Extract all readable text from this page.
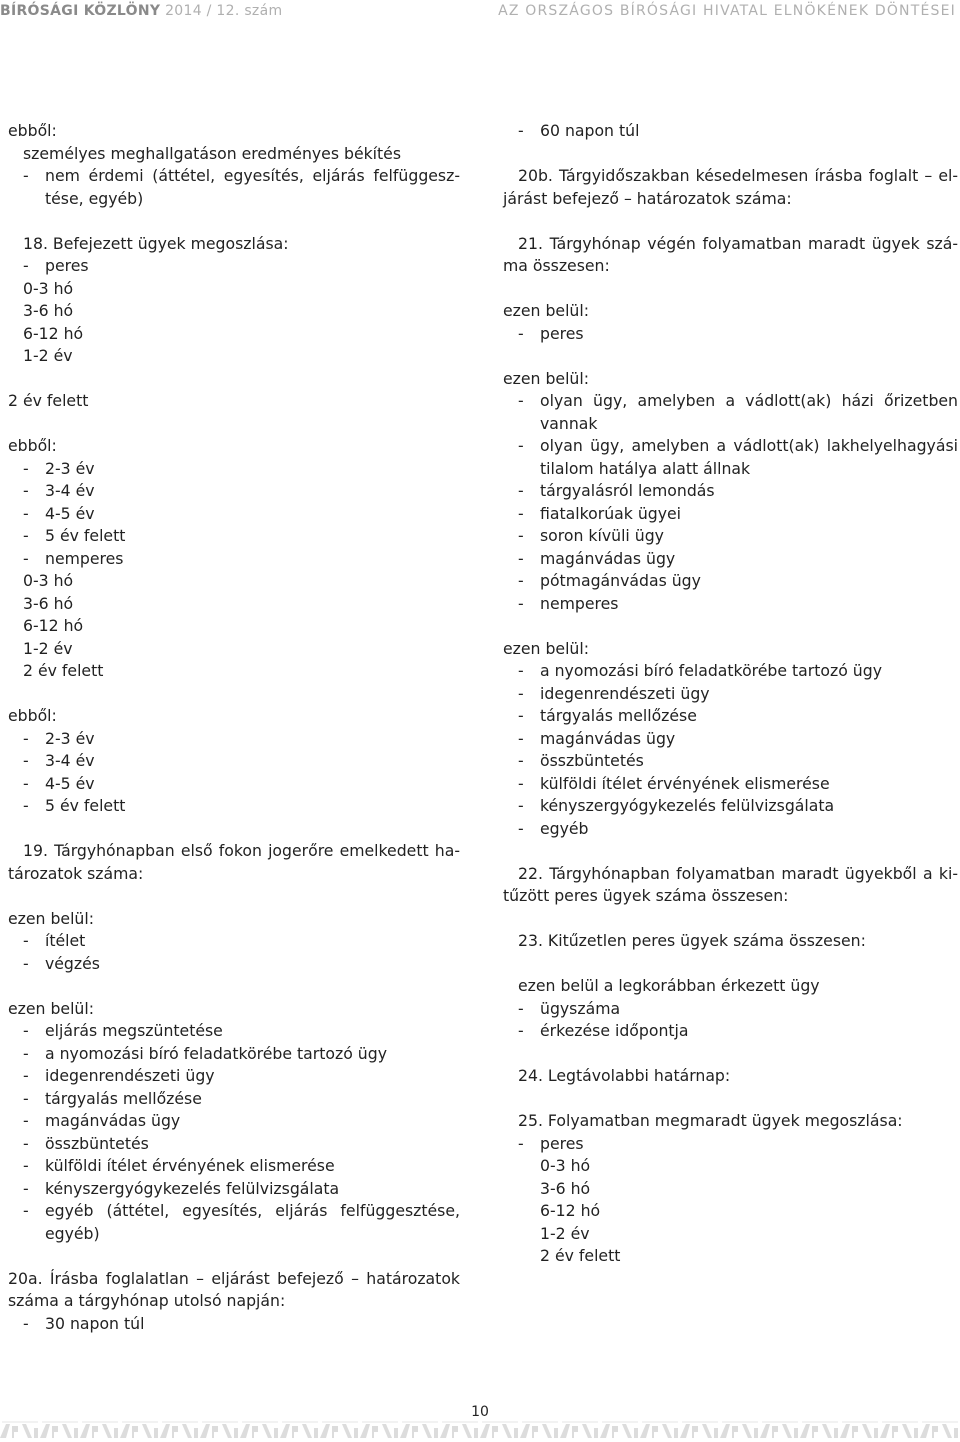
BÍRÓSÁGI KÖZLÖNY 2014 / 12. szám	AZ ORSZÁGOS BÍRÓSÁGI HIVATAL ELNÖKÉNEK DÖNTÉSEI
ebből:
személyes meghallgatáson eredményes békítés
-	nem érdemi (áttétel, egyesítés, eljárás felfüggesz-
tése, egyéb)
18. Befejezett ügyek megoszlása:
-	peres
0-3 hó
3-6 hó
6-12 hó
1-2 év
2 év felett
ebből:
-	2-3 év
-	3-4 év
-	4-5 év
-	5 év felett
-	nemperes
0-3 hó
3-6 hó
6-12 hó
1-2 év
2 év felett
ebből:
-	2-3 év
-	3-4 év
-	4-5 év
-	5 év felett
19. Tárgyhónapban első fokon jogerőre emelkedett ha-
tározatok száma:
ezen belül:
-	ítélet
-	végzés
ezen belül:
-	eljárás megszüntetése
-	a nyomozási bíró feladatkörébe tartozó ügy
-	idegenrendészeti ügy
-	tárgyalás mellőzése
-	magánvádas ügy
-	összbüntetés
-	külföldi ítélet érvényének elismerése
-	kényszergyógykezelés felülvizsgálata
-	egyéb (áttétel, egyesítés, eljárás felfüggesztése,
egyéb)
20a. Írásba foglalatlan – eljárást befejező – határozatok
száma a tárgyhónap utolsó napján:
-	30 napon túl
-	60 napon túl
20b. Tárgyidőszakban késedelmesen írásba foglalt – el-
járást befejező – határozatok száma:
21. Tárgyhónap végén folyamatban maradt ügyek szá-
ma összesen:
ezen belül:
-	peres
ezen belül:
-	olyan ügy, amelyben a vádlott(ak) házi őrizetben
vannak
-	olyan ügy, amelyben a vádlott(ak) lakhelyelhagyási
tilalom hatálya alatt állnak
-	tárgyalásról lemondás
-	fiatalkorúak ügyei
-	soron kívüli ügy
-	magánvádas ügy
-	pótmagánvádas ügy
-	nemperes
ezen belül:
-	a nyomozási bíró feladatkörébe tartozó ügy
-	idegenrendészeti ügy
-	tárgyalás mellőzése
-	magánvádas ügy
-	összbüntetés
-	külföldi ítélet érvényének elismerése
-	kényszergyógykezelés felülvizsgálata
-	egyéb
22. Tárgyhónapban folyamatban maradt ügyekből a ki-
tűzött peres ügyek száma összesen:
23. Kitűzetlen peres ügyek száma összesen:
ezen belül a legkorábban érkezett ügy
-	ügyszáma
-	érkezése időpontja
24. Legtávolabbi határnap:
25. Folyamatban megmaradt ügyek megoszlása:
-	peres
0-3 hó
3-6 hó
6-12 hó
1-2 év
2 év felett
10
